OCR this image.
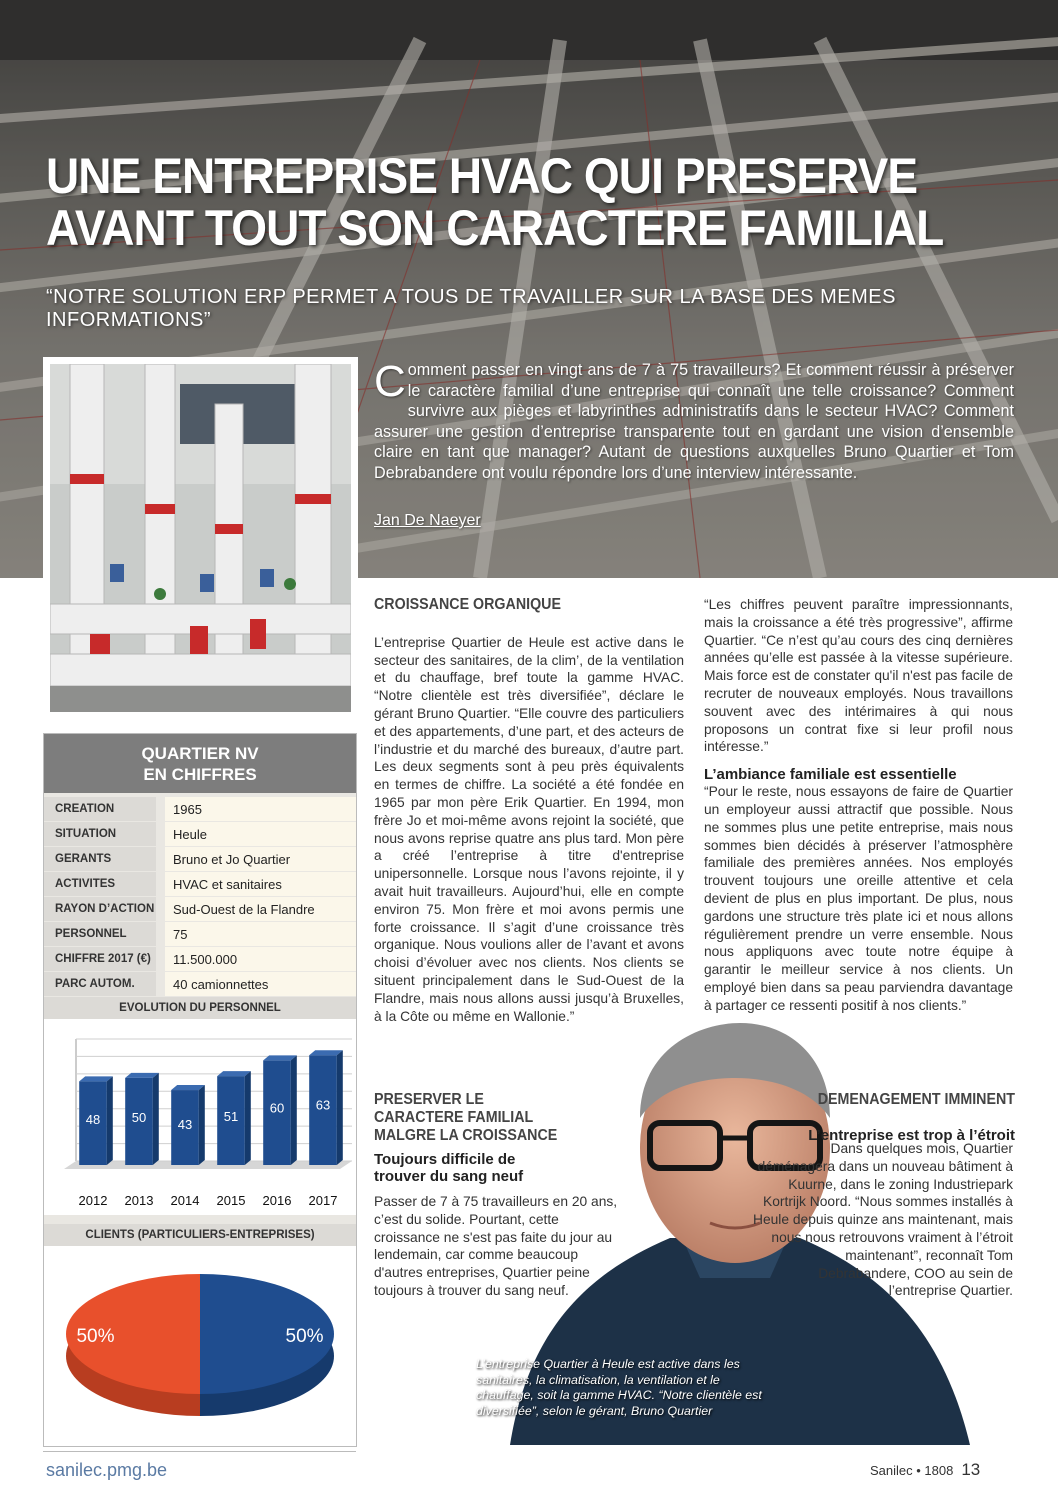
UNE ENTREPRISE HVAC QUI PRESERVE
AVANT TOUT SON CARACTERE FAMILIAL
“NOTRE SOLUTION ERP PERMET A TOUS DE TRAVAILLER SUR LA BASE DES MEMES INFORMATIONS”
Comment passer en vingt ans de 7 à 75 travailleurs? Et comment réussir à préserver le caractère familial d’une entreprise qui connaît une telle croissance? Comment survivre aux pièges et labyrinthes administratifs dans le secteur HVAC? Comment assurer une gestion d’entreprise transparente tout en gardant une vision d’ensemble claire en tant que manager? Autant de questions auxquelles Bruno Quartier et Tom Debrabandere ont voulu répondre lors d’une interview intéressante.
Jan De Naeyer
QUARTIER NV
EN CHIFFRES
CREATION	1965
SITUATION	Heule
GERANTS	Bruno et Jo Quartier
ACTIVITES	HVAC et sanitaires
RAYON D’ACTION	Sud-Ouest de la Flandre
PERSONNEL	75
CHIFFRE 2017 (€)	11.500.000
PARC AUTOM.	40 camionnettes
EVOLUTION DU PERSONNEL
48
2012
50
2013
43
2014
51
2015
60
2016
63
2017
CLIENTS (PARTICULIERS-ENTREPRISES)
50%
50%
CROISSANCE ORGANIQUE

L’entreprise Quartier de Heule est active dans le secteur des sanitaires, de la clim’, de la ventilation et du chauffage, bref toute la gamme HVAC. “Notre clientèle est très diversifiée”, déclare le gérant Bruno Quartier. “Elle couvre des particuliers et des appartements, d’une part, et des acteurs de l’industrie et du marché des bureaux, d’autre part. Les deux segments sont à peu près équivalents en termes de chiffre. La société a été fondée en 1965 par mon père Erik Quartier. En 1994, mon frère Jo et moi-même avons rejoint la société, que nous avons reprise quatre ans plus tard. Mon père a créé l’entreprise à titre d'entreprise unipersonnelle. Lorsque nous l’avons rejointe, il y avait huit travailleurs. Aujourd’hui, elle en compte environ 75. Mon frère et moi avons permis une forte croissance. Il s’agit d’une croissance très organique. Nous voulions aller de l’avant et avons choisi d’évoluer avec nos clients. Nos clients se situent principalement dans le Sud-Ouest de la Flandre, mais nous allons aussi jusqu’à Bruxelles, à la Côte ou même en Wallonie.”

“Les chiffres peuvent paraître impressionnants, mais la croissance a été très progressive”, affirme Quartier. “Ce n’est qu’au cours des cinq dernières années qu’elle est passée à la vitesse supérieure. Mais force est de constater qu'il n'est pas facile de recruter de nouveaux employés. Nous travaillons souvent avec des intérimaires à qui nous proposons un contrat fixe si leur profil nous intéresse.”

L’ambiance familiale est essentielle

“Pour le reste, nous essayons de faire de Quartier un employeur aussi attractif que possible. Nous ne sommes plus une petite entreprise, mais nous sommes bien décidés à préserver l’atmosphère familiale des premières années. Nos employés trouvent toujours une oreille attentive et cela devient de plus en plus important. De plus, nous gardons une structure très plate ici et nous allons régulièrement prendre un verre ensemble. Nous nous appliquons avec toute notre équipe à garantir le meilleur service à nos clients. Un employé bien dans sa peau parviendra davantage à partager ce ressenti positif à nos clients.”

L’entreprise Quartier à Heule est active dans les sanitaires, la climatisation, la ventilation et le chauffage, soit la gamme HVAC. “Notre clientèle est diversifiée”, selon le gérant, Bruno Quartier
PRESERVER LE CARACTERE FAMILIAL MALGRE LA CROISSANCE
Toujours difficile de trouver du sang neuf

Passer de 7 à 75 travailleurs en 20 ans, c’est du solide. Pourtant, cette croissance ne s'est pas faite du jour au lendemain, car comme beaucoup d'autres entreprises, Quartier peine toujours à trouver du sang neuf.

DEMENAGEMENT IMMINENT
L’entreprise est trop à l’étroit

Dans quelques mois, Quartier déménagera dans un nouveau bâtiment à Kuurne, dans le zoning Industriepark Kortrijk Noord. “Nous sommes installés à Heule depuis quinze ans maintenant, mais nous nous retrouvons vraiment à l’étroit maintenant”, reconnaît Tom Debrabandere, COO au sein de l’entreprise Quartier.

sanilec.pmg.be	Sanilec • 1808 13
